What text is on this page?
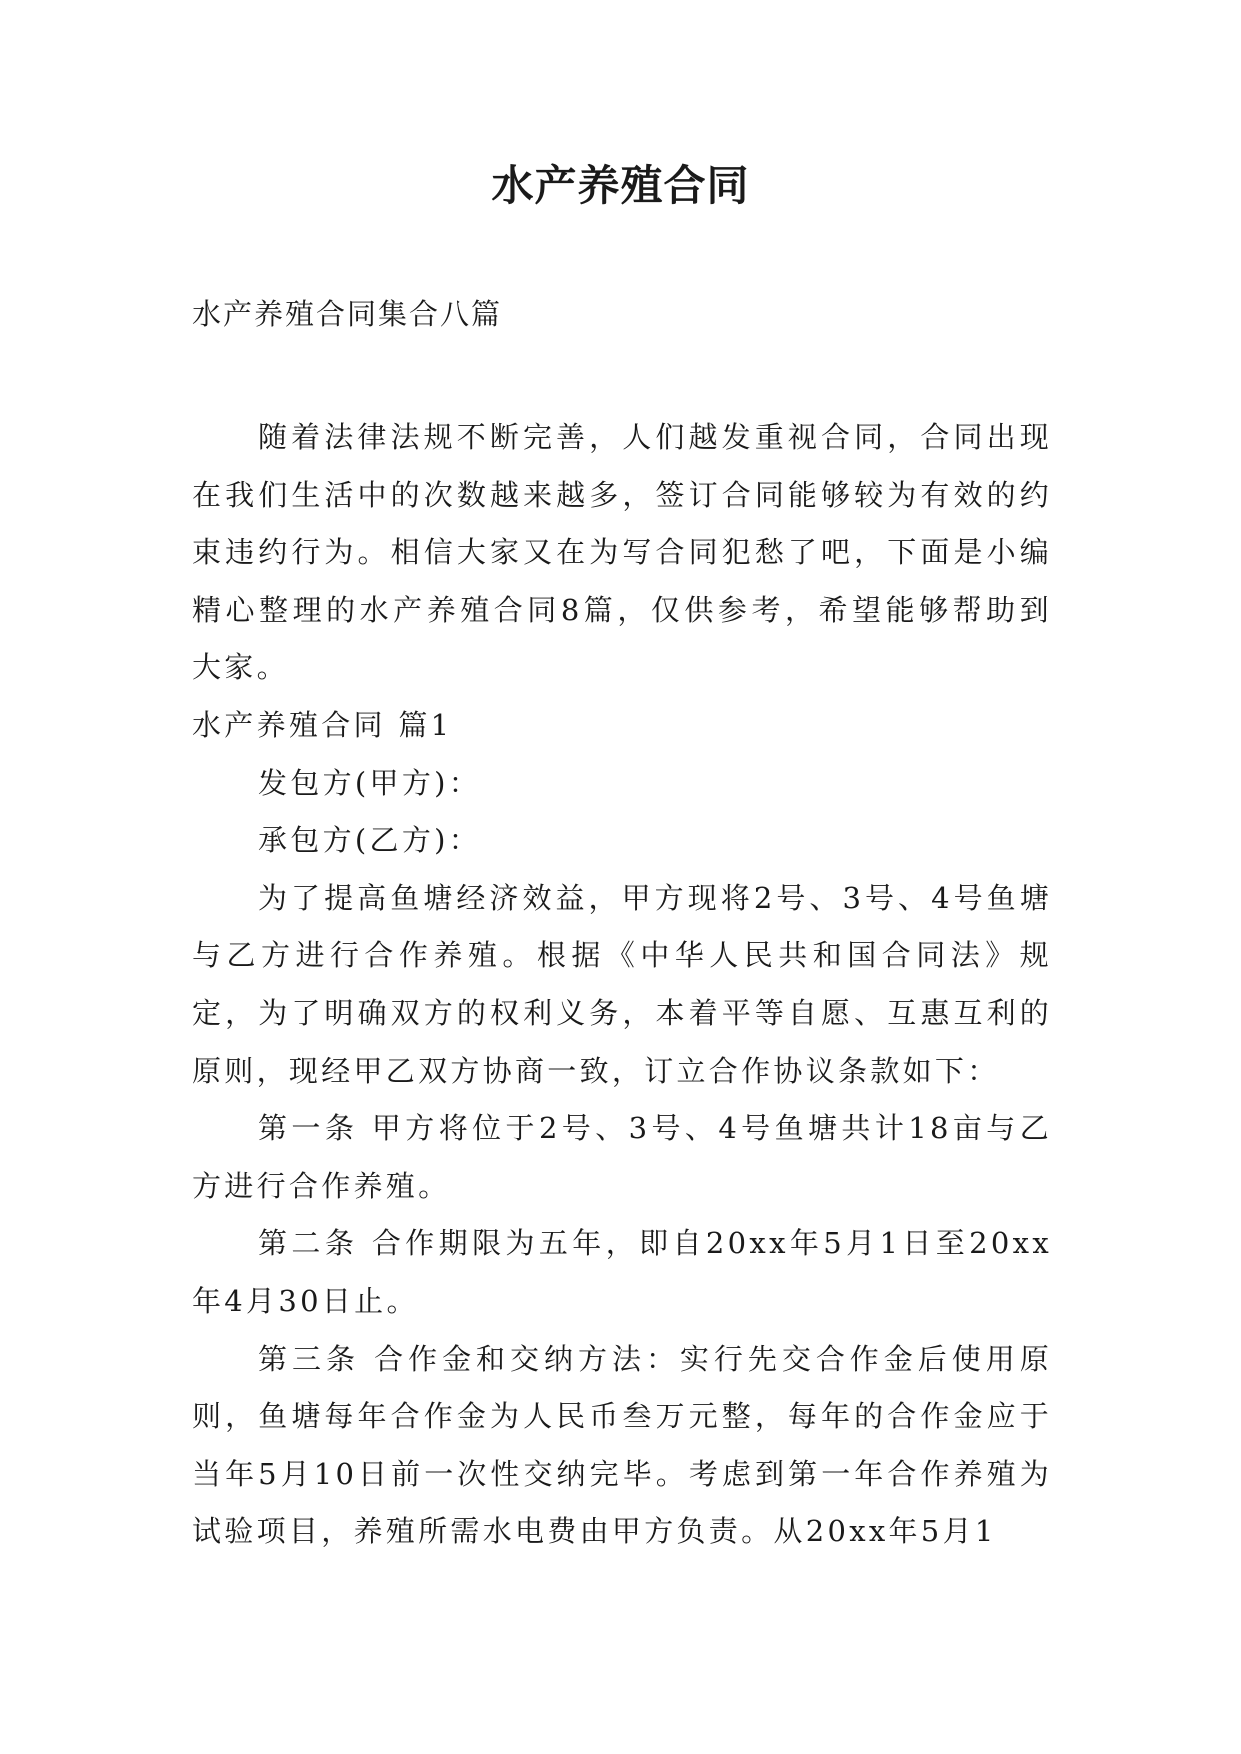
水产养殖合同

水产养殖合同集合八篇

随着法律法规不断完善，人们越发重视合同，合同出现在我们生活中的次数越来越多，签订合同能够较为有效的约束违约行为。相信大家又在为写合同犯愁了吧，下面是小编精心整理的水产养殖合同8篇，仅供参考，希望能够帮助到大家。

水产养殖合同 篇1

发包方(甲方)：

承包方(乙方)：

为了提高鱼塘经济效益，甲方现将2号、3号、4号鱼塘与乙方进行合作养殖。根据《中华人民共和国合同法》规定，为了明确双方的权利义务，本着平等自愿、互惠互利的原则，现经甲乙双方协商一致，订立合作协议条款如下：

第一条 甲方将位于2号、3号、4号鱼塘共计18亩与乙方进行合作养殖。

第二条 合作期限为五年，即自20xx年5月1日至20xx年4月30日止。

第三条 合作金和交纳方法：实行先交合作金后使用原则，鱼塘每年合作金为人民币叁万元整，每年的合作金应于当年5月10日前一次性交纳完毕。考虑到第一年合作养殖为试验项目，养殖所需水电费由甲方负责。从20xx年5月1
